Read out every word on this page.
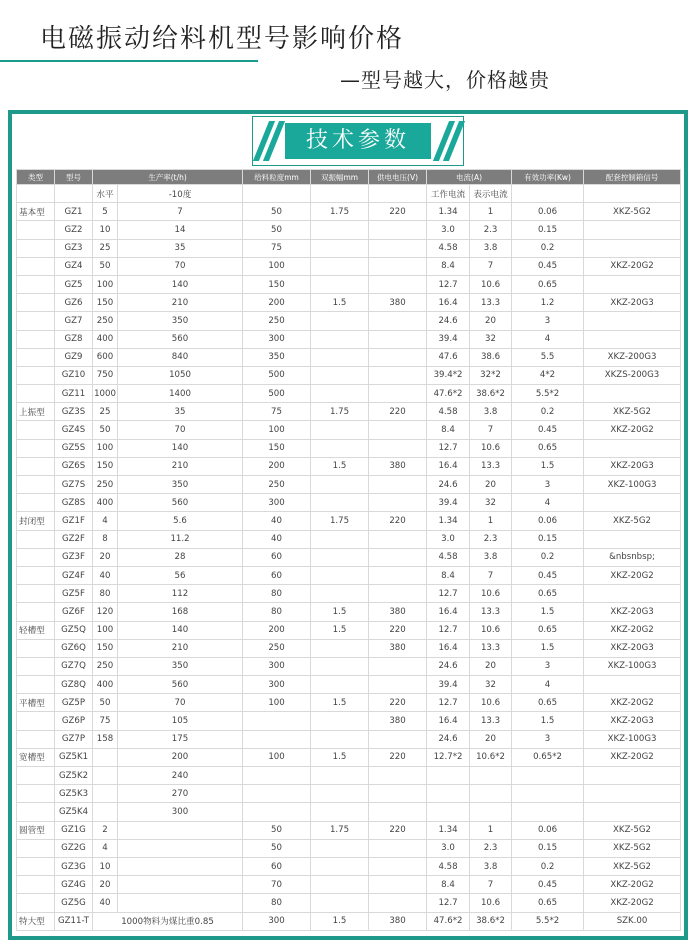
电磁振动给料机型号影响价格
—型号越大，价格越贵
技术参数
类型	型号	生产率(t/h)		给料粒度mm	双振幅mm	供电电压(V)	电流(A)		有效功率(Kw)	配套控制箱信号
		水平	-10度				工作电流	表示电流		
基本型	GZ1	5	7	50	1.75	220	1.34	1	0.06	XKZ-5G2
	GZ2	10	14	50			3.0	2.3	0.15	
	GZ3	25	35	75			4.58	3.8	0.2	
	GZ4	50	70	100			8.4	7	0.45	XKZ-20G2
	GZ5	100	140	150			12.7	10.6	0.65	
	GZ6	150	210	200	1.5	380	16.4	13.3	1.2	XKZ-20G3
	GZ7	250	350	250			24.6	20	3	
	GZ8	400	560	300			39.4	32	4	
	GZ9	600	840	350			47.6	38.6	5.5	XKZ-200G3
	GZ10	750	1050	500			39.4*2	32*2	4*2	XKZS-200G3
	GZ11	1000	1400	500			47.6*2	38.6*2	5.5*2	
上振型	GZ3S	25	35	75	1.75	220	4.58	3.8	0.2	XKZ-5G2
	GZ4S	50	70	100			8.4	7	0.45	XKZ-20G2
	GZ5S	100	140	150			12.7	10.6	0.65	
	GZ6S	150	210	200	1.5	380	16.4	13.3	1.5	XKZ-20G3
	GZ7S	250	350	250			24.6	20	3	XKZ-100G3
	GZ8S	400	560	300			39.4	32	4	
封闭型	GZ1F	4	5.6	40	1.75	220	1.34	1	0.06	XKZ-5G2
	GZ2F	8	11.2	40			3.0	2.3	0.15	
	GZ3F	20	28	60			4.58	3.8	0.2	&nbsnbsp;
	GZ4F	40	56	60			8.4	7	0.45	XKZ-20G2
	GZ5F	80	112	80			12.7	10.6	0.65	
	GZ6F	120	168	80	1.5	380	16.4	13.3	1.5	XKZ-20G3
轻槽型	GZ5Q	100	140	200	1.5	220	12.7	10.6	0.65	XKZ-20G2
	GZ6Q	150	210	250		380	16.4	13.3	1.5	XKZ-20G3
	GZ7Q	250	350	300			24.6	20	3	XKZ-100G3
	GZ8Q	400	560	300			39.4	32	4	
平槽型	GZ5P	50	70	100	1.5	220	12.7	10.6	0.65	XKZ-20G2
	GZ6P	75	105			380	16.4	13.3	1.5	XKZ-20G3
	GZ7P	158	175				24.6	20	3	XKZ-100G3
宽槽型	GZ5K1		200	100	1.5	220	12.7*2	10.6*2	0.65*2	XKZ-20G2
	GZ5K2		240							
	GZ5K3		270							
	GZ5K4		300							
圆管型	GZ1G	2		50	1.75	220	1.34	1	0.06	XKZ-5G2
	GZ2G	4		50			3.0	2.3	0.15	XKZ-5G2
	GZ3G	10		60			4.58	3.8	0.2	XKZ-5G2
	GZ4G	20		70			8.4	7	0.45	XKZ-20G2
	GZ5G	40		80			12.7	10.6	0.65	XKZ-20G2
特大型	GZ11-T	1000物料为煤比重0.85		300	1.5	380	47.6*2	38.6*2	5.5*2	SZK.00
